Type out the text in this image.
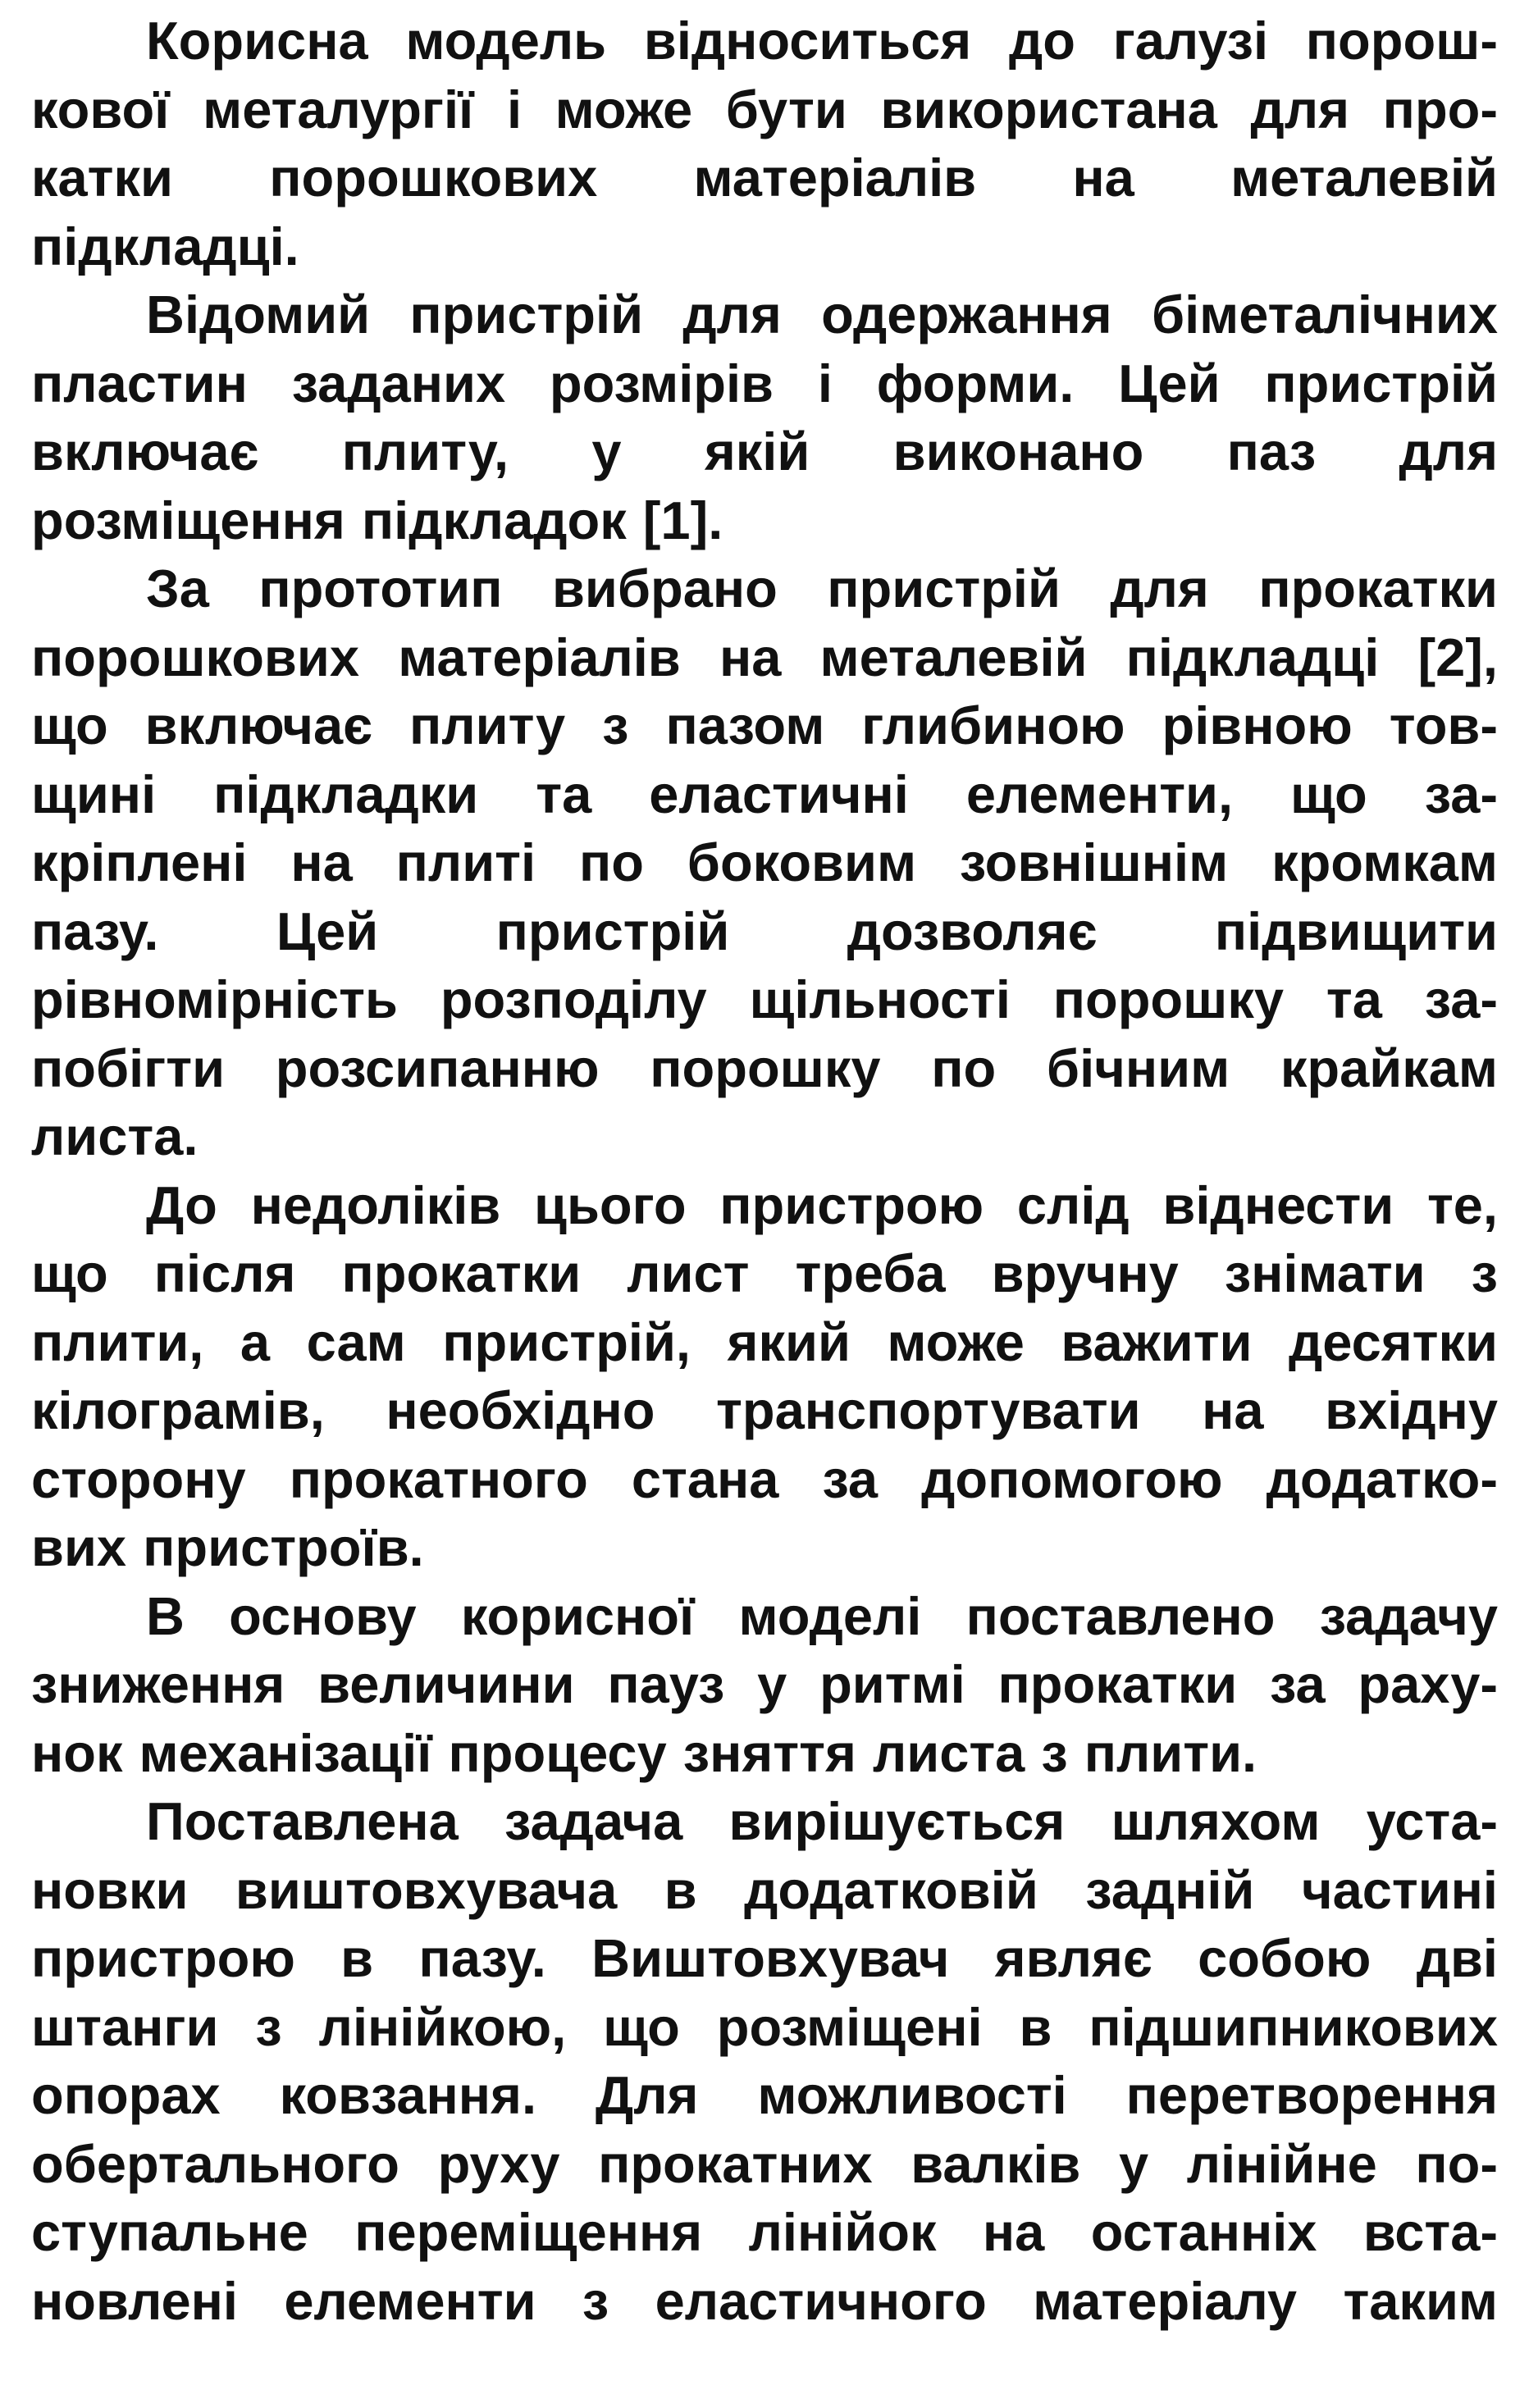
Корисна модель відноситься до галузі порош-
кової металургії і може бути використана для про-
катки порошкових матеріалів на металевій
підкладці.
Відомий пристрій для одержання біметалічних
пластин заданих розмірів і форми. Цей пристрій
включає плиту, у якій виконано паз для
розміщення підкладок [1].
За прототип вибрано пристрій для прокатки
порошкових матеріалів на металевій підкладці [2],
що включає плиту з пазом глибиною рівною тов-
щині підкладки та еластичні елементи, що за-
кріплені на плиті по боковим зовнішнім кромкам
пазу. Цей пристрій дозволяє підвищити
рівномірність розподілу щільності порошку та за-
побігти розсипанню порошку по бічним крайкам
листа.
До недоліків цього пристрою слід віднести те,
що після прокатки лист треба вручну знімати з
плити, а сам пристрій, який може важити десятки
кілограмів, необхідно транспортувати на вхідну
сторону прокатного стана за допомогою додатко-
вих пристроїв.
В основу корисної моделі поставлено задачу
зниження величини пауз у ритмі прокатки за раху-
нок механізації процесу зняття листа з плити.
Поставлена задача вирішується шляхом уста-
новки виштовхувача в додатковій задній частині
пристрою в пазу. Виштовхувач являє собою дві
штанги з лінійкою, що розміщені в підшипникових
опорах ковзання. Для можливості перетворення
обертального руху прокатних валків у лінійне по-
ступальне переміщення лінійок на останніх вста-
новлені елементи з еластичного матеріалу таким
